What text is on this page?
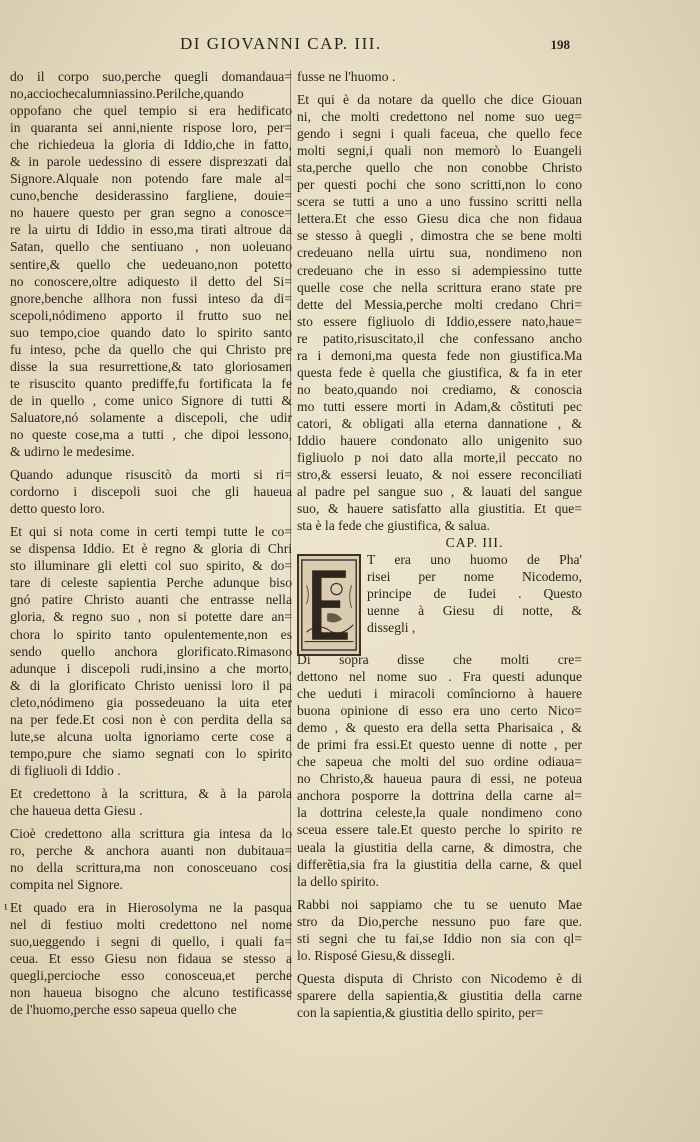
DI GIOVANNI CAP. III.	198
do il corpo suo,perche quegli domandaua=
no,acciochecalumniassino.Perilche,quando
oppofano che quel tempio si era hedificato
in quaranta sei anni,niente rispose loro, per=
che richiedeua la gloria di Iddio,che in fatto,
& in parole uedessino di essere dispreзzati dal
Signore.Alquale non potendo fare male al=
cuno,benche desiderassino fargliene, douie=
no hauere questo per gran segno a conosce=
re la uirtu di Iddio in esso,ma tirati altroue da
Satan, quello che sentiuano , non uoleuano
sentire,& quello che uedeuano,non potetto
no conoscere,oltre adiquesto il detto del Si=
gnore,benche allhora non fussi inteso da di=
scepoli,nódimeno apporto il frutto suo nel
suo tempo,cioe quando dato lo spirito santo
fu inteso, pche da quello che qui Christo pre
disse la sua resurrettione,& tato gloriosamen
te risuscito quanto prediffe,fu fortificata la fe
de in quello , come unico Signore di tutti &
Saluatore,nó solamente a discepoli, che udir
no queste cose,ma a tutti , che dipoi lessono,
& udirno le medesime.
Quando adunque risuscitò da morti si ri=
cordorno i discepoli suoi che gli haueua
detto questo loro.
Et qui si nota come in certi tempi tutte le co=
se dispensa Iddio. Et è regno & gloria di Chri
sto illuminare gli eletti col suo spirito, & do=
tare di celeste sapientia Perche adunque biso
gnó patire Christo auanti che entrasse nella
gloria, & regno suo , non si potette dare an=
chora lo spirito tanto opulentemente,non es
sendo quello anchora glorificato.Rimasono
adunque i discepoli rudi,insino a che morto,
& di la glorificato Christo uenissi loro il pa
cleto,nódimeno gia possedeuano la uita eter
na per fede.Et cosi non è con perdita della sa
lute,se alcuna uolta ignoriamo certe cose a
tempo,pure che siamo segnati con lo spirito
di figliuoli di Iddio .
Et credettono à la scrittura, & à la parola
che haueua detta Giesu .
Cioè credettono alla scrittura gia intesa da lo
ro, perche & anchora auanti non dubitaua=
no della scrittura,ma non conosceuano cosi
compita nel Signore.
Et quado era in Hierosolyma ne la pasqua
nel di festiuo molti credettono nel nome
suo,ueggendo i segni di quello, i quali fa=
ceua. Et esso Giesu non fidaua se stesso a
quegli,percioche esso conosceua,et perche
non haueua bisogno che alcuno testificasse
de l'huomo,perche esso sapeua quello che
fusse ne l'huomo .
Et qui è da notare da quello che dice Giouan
ni, che molti credettono nel nome suo ueg=
gendo i segni i quali faceua, che quello fece
molti segni,i quali non memorò lo Euangeli
sta,perche quello che non conobbe Christo
per questi pochi che sono scritti,non lo cono
scera se tutti a uno a uno fussino scritti nella
lettera.Et che esso Giesu dica che non fidaua
se stesso à quegli , dimostra che se bene molti
credeuano nella uirtu sua, nondimeno non
credeuano che in esso si adempiessino tutte
quelle cose che nella scrittura erano state pre
dette del Messia,perche molti credano Chri=
sto essere figliuolo di Iddio,essere nato,haue=
re patito,risuscitato,il che confessano ancho
ra i demoni,ma questa fede non giustifica.Ma
questa fede è quella che giustifica, & fa in eter
no beato,quando noi crediamo, & conoscia
mo tutti essere morti in Adam,& cõstituti pec
catori, & obligati alla eterna dannatione , &
Iddio hauere condonato allo unigenito suo
figliuolo p noi dato alla morte,il peccato no
stro,& essersi leuato, & noi essere reconciliati
al padre pel sangue suo , & lauati del sangue
suo, & hauere satisfatto alla giustitia. Et que=
sta è la fede che giustifica, & salua.
CAP. III.
T era uno huomo de Pha'
risei per nome Nicodemo,
principe de Iudei . Questo
uenne à Giesu di notte, &
dissegli ,
Di sopra disse che molti cre=
dettono nel nome suo . Fra questi adunque
che ueduti i miracoli comînciorno à hauere
buona opinione di esso era uno certo Nico=
demo , & questo era della setta Pharisaica , &
de primi fra essi.Et questo uenne di notte , per
che sapeua che molti del suo ordine odiaua=
no Christo,& haueua paura di essi, ne poteua
anchora posporre la dottrina della carne al=
la dottrina celeste,la quale nondimeno cono
sceua essere tale.Et questo perche lo spirito re
ueala la giustitia della carne, & dimostra, che
differẽtia,sia fra la giustitia della carne, & quel
la dello spirito.
Rabbi noi sappiamo che tu se uenuto Mae
stro da Dio,perche nessuno puo fare que.
sti segni che tu fai,se Iddio non sia con ql=
lo. Risposé Giesu,& dissegli.
Questa disputa di Christo con Nicodemo è di
sparere della sapientia,& giustitia della carne
con la sapientia,& giustitia dello spirito, per=
ι
